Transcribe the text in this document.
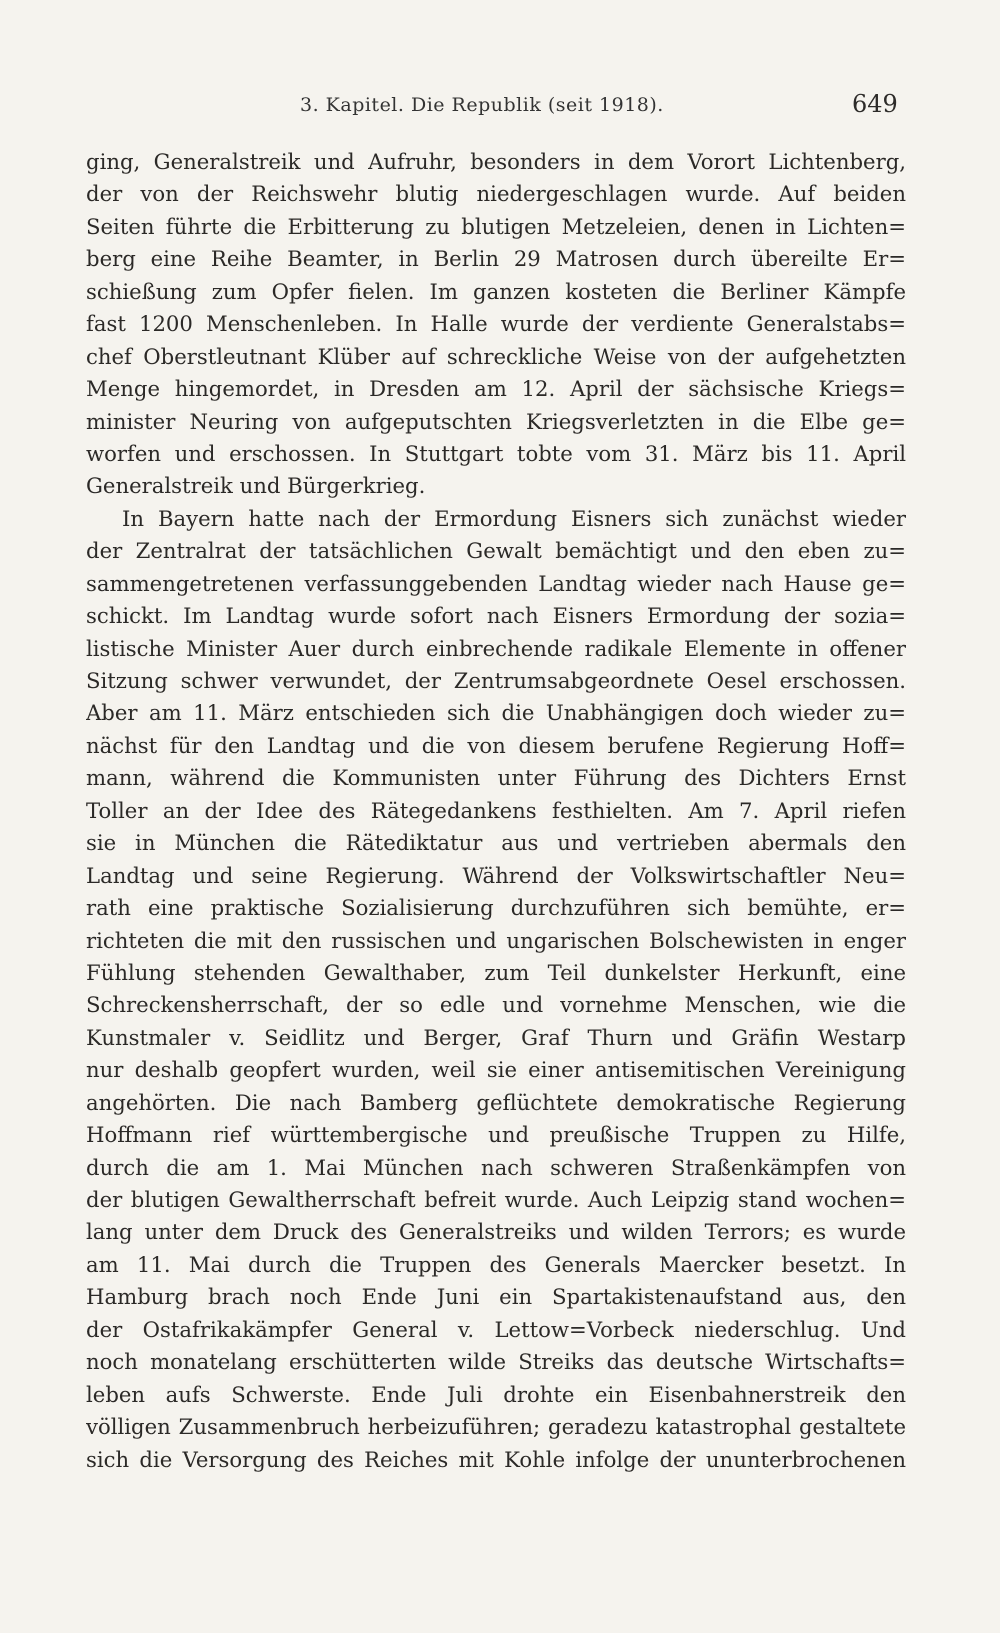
3. Kapitel. Die Republik (seit 1918).	649
ging, Generalstreik und Aufruhr, besonders in dem Vorort Lichtenberg,
der von der Reichswehr blutig niedergeschlagen wurde. Auf beiden
Seiten führte die Erbitterung zu blutigen Metzeleien, denen in Lichten=
berg eine Reihe Beamter, in Berlin 29 Matrosen durch übereilte Er=
schießung zum Opfer fielen. Im ganzen kosteten die Berliner Kämpfe
fast 1200 Menschenleben. In Halle wurde der verdiente Generalstabs=
chef Oberstleutnant Klüber auf schreckliche Weise von der aufgehetzten
Menge hingemordet, in Dresden am 12. April der sächsische Kriegs=
minister Neuring von aufgeputschten Kriegsverletzten in die Elbe ge=
worfen und erschossen. In Stuttgart tobte vom 31. März bis 11. April
Generalstreik und Bürgerkrieg.
In Bayern hatte nach der Ermordung Eisners sich zunächst wieder
der Zentralrat der tatsächlichen Gewalt bemächtigt und den eben zu=
sammengetretenen verfassunggebenden Landtag wieder nach Hause ge=
schickt. Im Landtag wurde sofort nach Eisners Ermordung der sozia=
listische Minister Auer durch einbrechende radikale Elemente in offener
Sitzung schwer verwundet, der Zentrumsabgeordnete Oesel erschossen.
Aber am 11. März entschieden sich die Unabhängigen doch wieder zu=
nächst für den Landtag und die von diesem berufene Regierung Hoff=
mann, während die Kommunisten unter Führung des Dichters Ernst
Toller an der Idee des Rätegedankens festhielten. Am 7. April riefen
sie in München die Rätediktatur aus und vertrieben abermals den
Landtag und seine Regierung. Während der Volkswirtschaftler Neu=
rath eine praktische Sozialisierung durchzuführen sich bemühte, er=
richteten die mit den russischen und ungarischen Bolschewisten in enger
Fühlung stehenden Gewalthaber, zum Teil dunkelster Herkunft, eine
Schreckensherrschaft, der so edle und vornehme Menschen, wie die
Kunstmaler v. Seidlitz und Berger, Graf Thurn und Gräfin Westarp
nur deshalb geopfert wurden, weil sie einer antisemitischen Vereinigung
angehörten. Die nach Bamberg geflüchtete demokratische Regierung
Hoffmann rief württembergische und preußische Truppen zu Hilfe,
durch die am 1. Mai München nach schweren Straßenkämpfen von
der blutigen Gewaltherrschaft befreit wurde. Auch Leipzig stand wochen=
lang unter dem Druck des Generalstreiks und wilden Terrors; es wurde
am 11. Mai durch die Truppen des Generals Maercker besetzt. In
Hamburg brach noch Ende Juni ein Spartakistenaufstand aus, den
der Ostafrikakämpfer General v. Lettow=Vorbeck niederschlug. Und
noch monatelang erschütterten wilde Streiks das deutsche Wirtschafts=
leben aufs Schwerste. Ende Juli drohte ein Eisenbahnerstreik den
völligen Zusammenbruch herbeizuführen; geradezu katastrophal gestaltete
sich die Versorgung des Reiches mit Kohle infolge der ununterbrochenen
